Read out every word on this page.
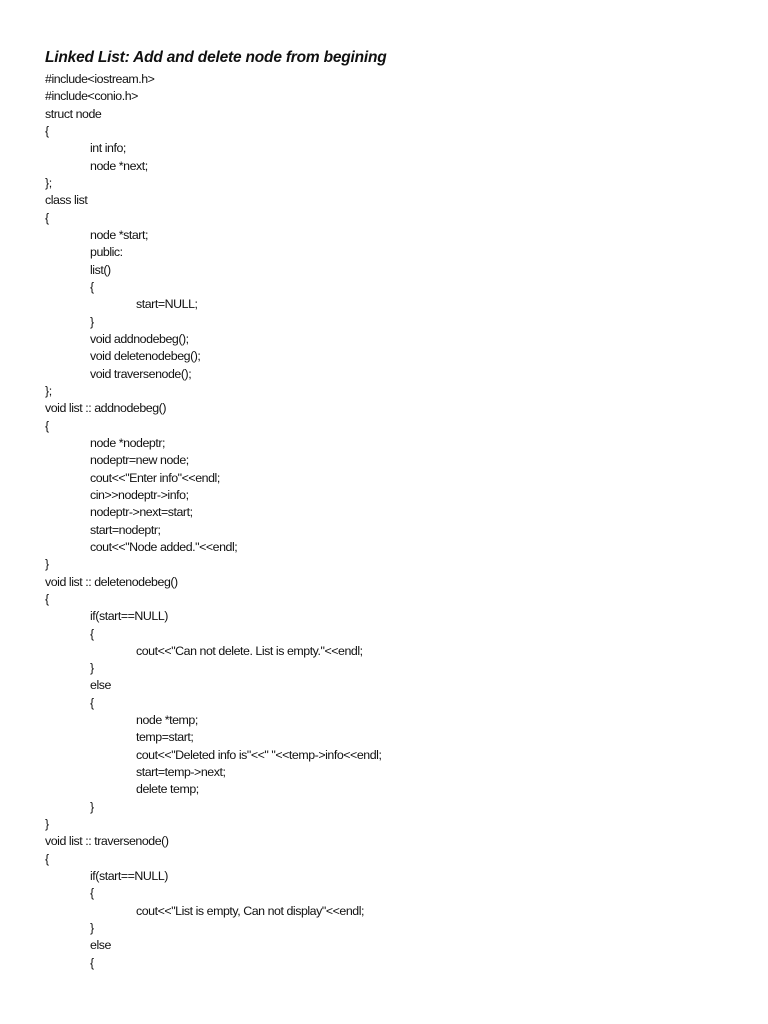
Linked List: Add and delete node from begining
#include<iostream.h>
#include<conio.h>
struct node
{
int info;
node *next;
};
class list
{
node *start;
public:
list()
{
start=NULL;
}
void addnodebeg();
void deletenodebeg();
void traversenode();
};
void list :: addnodebeg()
{
node *nodeptr;
nodeptr=new node;
cout<<"Enter info"<<endl;
cin>>nodeptr->info;
nodeptr->next=start;
start=nodeptr;
cout<<"Node added."<<endl;
}
void list :: deletenodebeg()
{
if(start==NULL)
{
cout<<"Can not delete. List is empty."<<endl;
}
else
{
node *temp;
temp=start;
cout<<"Deleted info is"<<" "<<temp->info<<endl;
start=temp->next;
delete temp;
}
}
void list :: traversenode()
{
if(start==NULL)
{
cout<<"List is empty, Can not display"<<endl;
}
else
{
